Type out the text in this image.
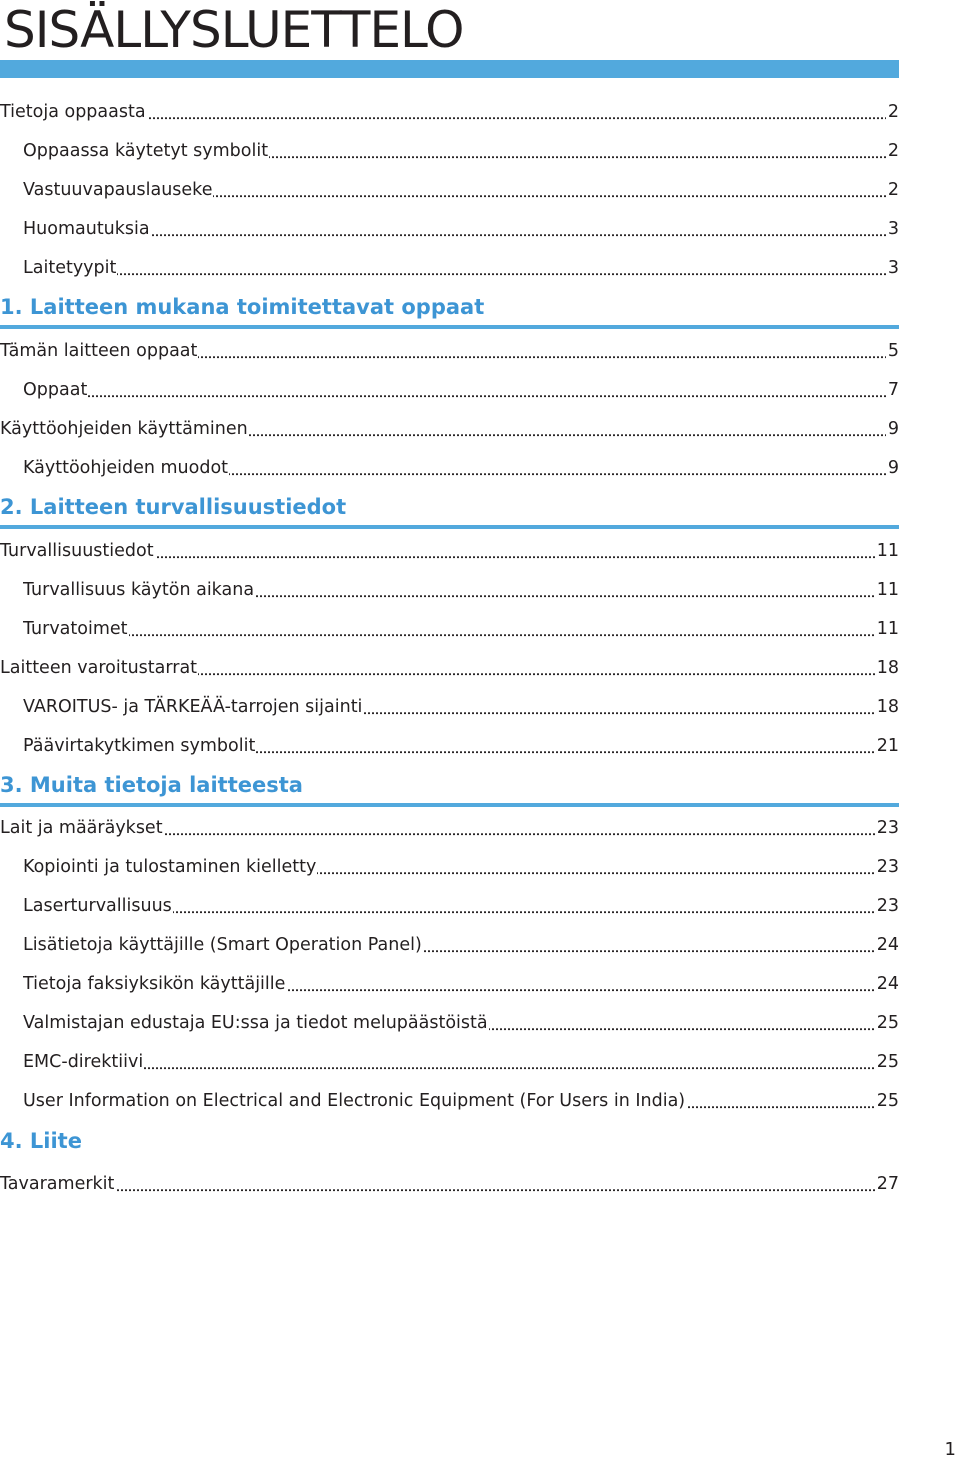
SISÄLLYSLUETTELO
Tietoja oppaasta	2
Oppaassa käytetyt symbolit	2
Vastuuvapauslauseke	2
Huomautuksia	3
Laitetyypit	3
1. Laitteen mukana toimitettavat oppaat
Tämän laitteen oppaat	5
Oppaat	7
Käyttöohjeiden käyttäminen	9
Käyttöohjeiden muodot	9
2. Laitteen turvallisuustiedot
Turvallisuustiedot	11
Turvallisuus käytön aikana	11
Turvatoimet	11
Laitteen varoitustarrat	18
VAROITUS- ja TÄRKEÄÄ-tarrojen sijainti	18
Päävirtakytkimen symbolit	21
3. Muita tietoja laitteesta
Lait ja määräykset	23
Kopiointi ja tulostaminen kielletty	23
Laserturvallisuus	23
Lisätietoja käyttäjille (Smart Operation Panel)	24
Tietoja faksiyksikön käyttäjille	24
Valmistajan edustaja EU:ssa ja tiedot melupäästöistä	25
EMC-direktiivi	25
User Information on Electrical and Electronic Equipment (For Users in India)	25
4. Liite
Tavaramerkit	27
1
